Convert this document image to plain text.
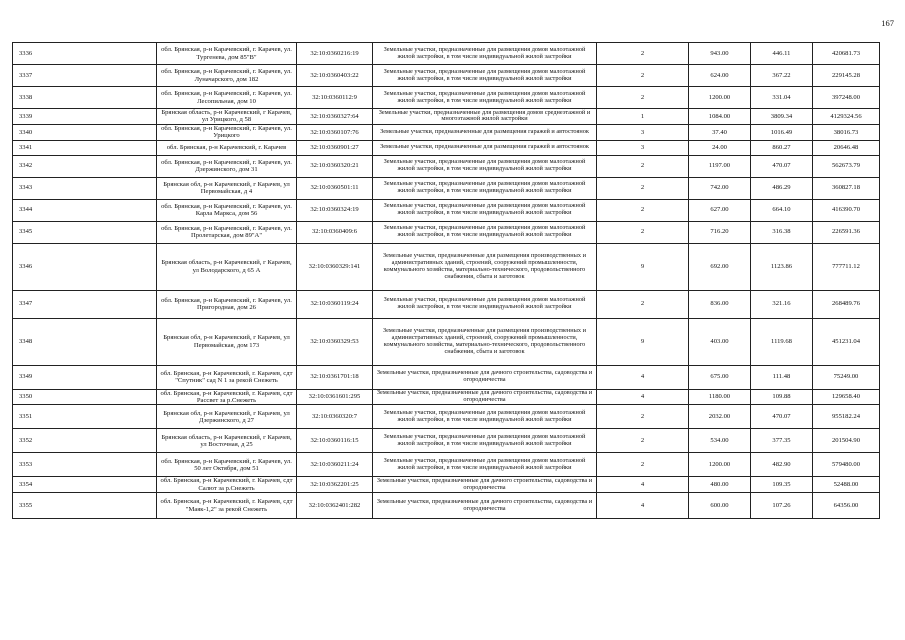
167
3336	обл. Брянская, р-н Карачевский, г. Карачев, ул. Тургенева, дом 85"В"	32:10:0360216:19	Земельные участки, предназначенные для размещения домов малоэтажной жилой застройки, в том числе индивидуальной жилой застройки	2	943.00	446.11	420681.73
3337	обл. Брянская, р-н Карачевский, г. Карачев, ул. Луначарского, дом 182	32:10:0360403:22	Земельные участки, предназначенные для размещения домов малоэтажной жилой застройки, в том числе индивидуальной жилой застройки	2	624.00	367.22	229145.28
3338	обл. Брянская, р-н Карачевский, г. Карачев, ул. Лесопильная, дом 10	32:10:0360112:9	Земельные участки, предназначенные для размещения домов малоэтажной жилой застройки, в том числе индивидуальной жилой застройки	2	1200.00	331.04	397248.00
3339	Брянская область, р-н Карачевский, г Карачев, ул Урицкого, д 58	32:10:0360327:64	Земельные участки, предназначенные для размещения домов среднеэтажной и многоэтажной жилой застройки	1	1084.00	3809.34	4129324.56
3340	обл. Брянская, р-н Карачевский, г. Карачев, ул. Урицкого	32:10:0360107:76	Земельные участки, предназначенные для размещения гаражей и автостоянок	3	37.40	1016.49	38016.73
3341	обл. Брянская, р-н Карачевский, г. Карачев	32:10:0360901:27	Земельные участки, предназначенные для размещения гаражей и автостоянок	3	24.00	860.27	20646.48
3342	обл. Брянская, р-н Карачевский, г. Карачев, ул. Дзержинского, дом 31	32:10:0360320:21	Земельные участки, предназначенные для размещения домов малоэтажной жилой застройки, в том числе индивидуальной жилой застройки	2	1197.00	470.07	562673.79
3343	Брянская обл, р-н Карачевский, г Карачев, ул Первомайская, д 4	32:10:0360501:11	Земельные участки, предназначенные для размещения домов малоэтажной жилой застройки, в том числе индивидуальной жилой застройки	2	742.00	486.29	360827.18
3344	обл. Брянская, р-н Карачевский, г. Карачев, ул. Карла Маркса, дом 56	32:10:0360324:19	Земельные участки, предназначенные для размещения домов малоэтажной жилой застройки, в том числе индивидуальной жилой застройки	2	627.00	664.10	416390.70
3345	обл. Брянская, р-н Карачевский, г. Карачев, ул. Пролетарская, дом 89"А"	32:10:0360409:6	Земельные участки, предназначенные для размещения домов малоэтажной жилой застройки, в том числе индивидуальной жилой застройки	2	716.20	316.38	226591.36
3346	Брянская область, р-н Карачевский, г Карачев, ул Володарского, д 65 А	32:10:0360329:141	Земельные участки, предназначенные для размещения производственных и административных зданий, строений, сооружений промышленности, коммунального хозяйства, материально-технического, продовольственного снабжения, сбыта и заготовок	9	692.00	1123.86	777711.12
3347	обл. Брянская, р-н Карачевский, г. Карачев, ул. Пригородная, дом 26	32:10:0360119:24	Земельные участки, предназначенные для размещения домов малоэтажной жилой застройки, в том числе индивидуальной жилой застройки	2	836.00	321.16	268489.76
3348	Брянская обл, р-н Карачевский, г Карачев, ул Первомайская, дом 173	32:10:0360329:53	Земельные участки, предназначенные для размещения производственных и административных зданий, строений, сооружений промышленности, коммунального хозяйства, материально-технического, продовольственного снабжения, сбыта и заготовок	9	403.00	1119.68	451231.04
3349	обл. Брянская, р-н Карачевский, г. Карачев, сдт "Спутник" сад N 1 за рекой Снежеть	32:10:0361701:18	Земельные участки, предназначенные для дачного строительства, садоводства и огородничества	4	675.00	111.48	75249.00
3350	обл. Брянская, р-н Карачевский, г. Карачев, сдт Рассвет за р.Снежеть	32:10:0361601:295	Земельные участки, предназначенные для дачного строительства, садоводства и огородничества	4	1180.00	109.88	129658.40
3351	Брянская обл, р-н Карачевский, г Карачев, ул Дзержинского, д 27	32:10:0360320:7	Земельные участки, предназначенные для размещения домов малоэтажной жилой застройки, в том числе индивидуальной жилой застройки	2	2032.00	470.07	955182.24
3352	Брянская область, р-н Карачевский, г Карачев, ул Восточная, д 25	32:10:0360116:15	Земельные участки, предназначенные для размещения домов малоэтажной жилой застройки, в том числе индивидуальной жилой застройки	2	534.00	377.35	201504.90
3353	обл. Брянская, р-н Карачевский, г. Карачев, ул. 50 лет Октября, дом 51	32:10:0360211:24	Земельные участки, предназначенные для размещения домов малоэтажной жилой застройки, в том числе индивидуальной жилой застройки	2	1200.00	482.90	579480.00
3354	обл. Брянская, р-н Карачевский, г. Карачев, сдт Салют за р.Снежеть	32:10:0362201:25	Земельные участки, предназначенные для дачного строительства, садоводства и огородничества	4	480.00	109.35	52488.00
3355	обл. Брянская, р-н Карачевский, г. Карачев, сдт "Маяк-1,2" за рекой Снежеть	32:10:0362401:282	Земельные участки, предназначенные для дачного строительства, садоводства и огородничества	4	600.00	107.26	64356.00
